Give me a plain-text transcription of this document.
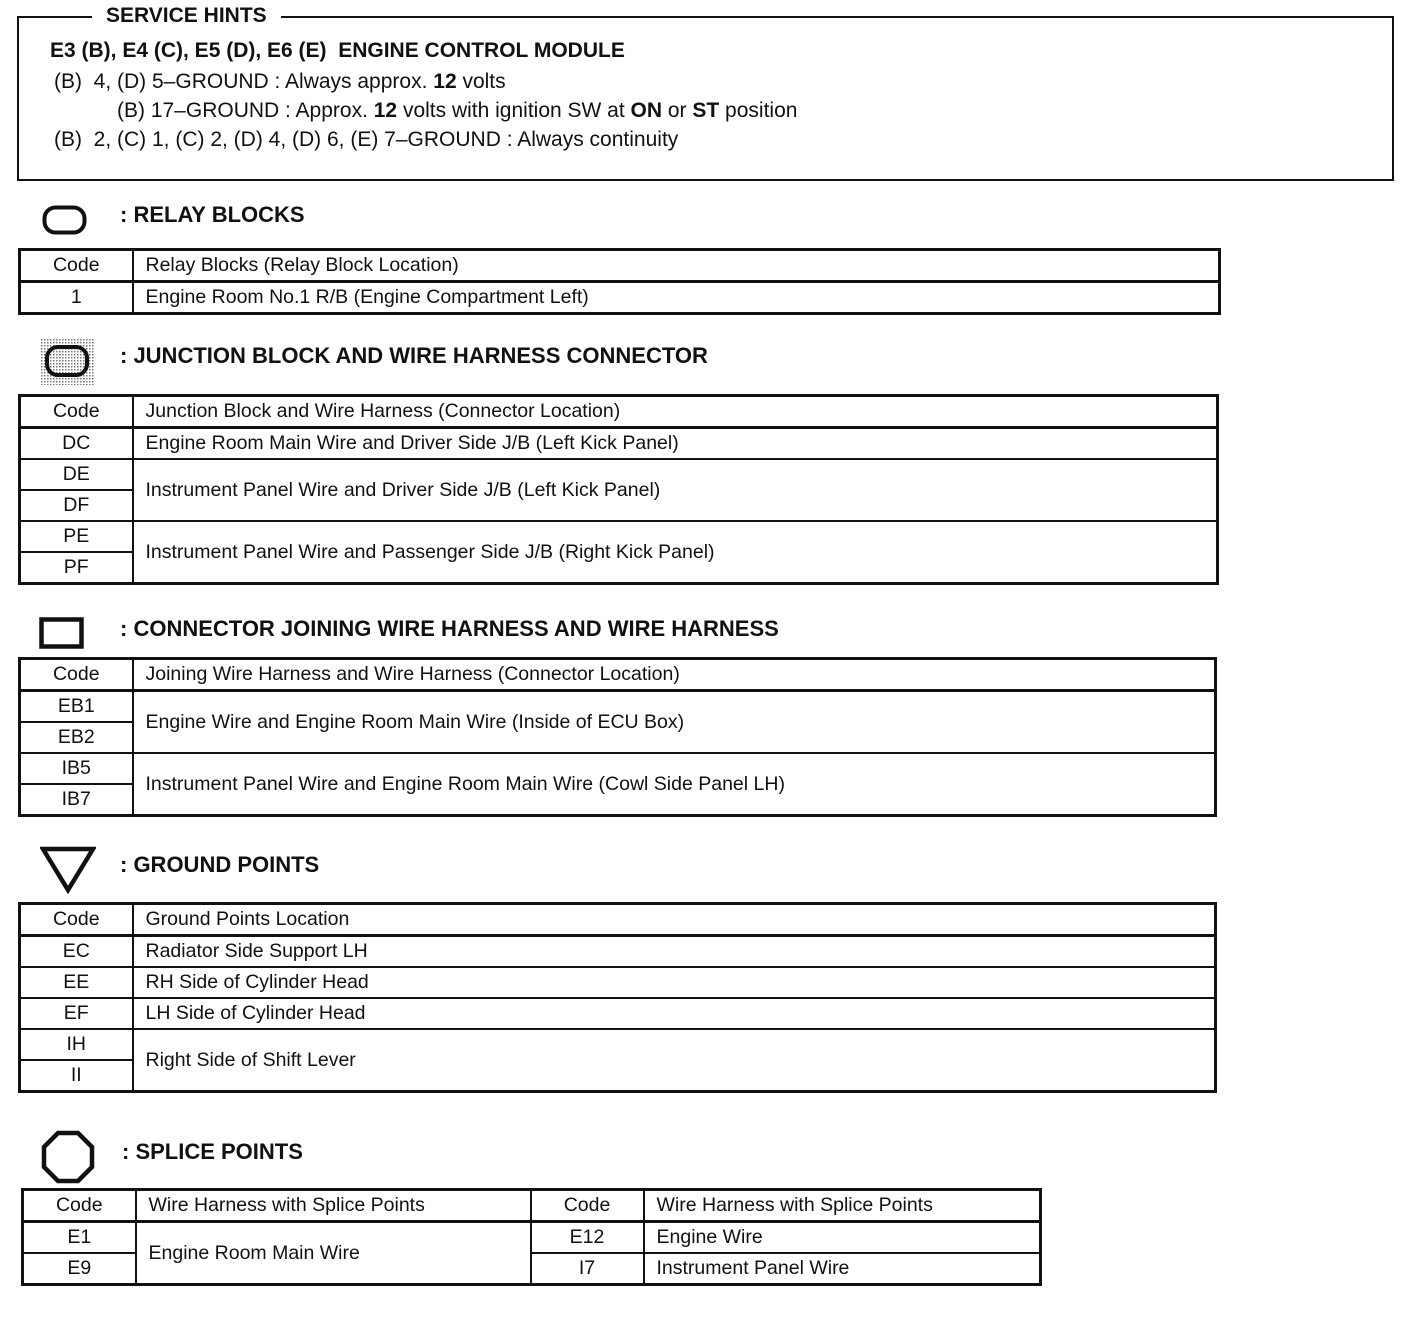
SERVICE HINTS
E3 (B), E4 (C), E5 (D), E6 (E)  ENGINE CONTROL MODULE
(B)  4, (D) 5–GROUND : Always approx. 12 volts
(B) 17–GROUND : Approx. 12 volts with ignition SW at ON or ST position
(B)  2, (C) 1, (C) 2, (D) 4, (D) 6, (E) 7–GROUND : Always continuity
: RELAY BLOCKS
Code	Relay Blocks (Relay Block Location)
1	Engine Room No.1 R/B (Engine Compartment Left)
: JUNCTION BLOCK AND WIRE HARNESS CONNECTOR
Code	Junction Block and Wire Harness (Connector Location)
DC	Engine Room Main Wire and Driver Side J/B (Left Kick Panel)
DE	Instrument Panel Wire and Driver Side J/B (Left Kick Panel)
DF	
PE	Instrument Panel Wire and Passenger Side J/B (Right Kick Panel)
PF	
: CONNECTOR JOINING WIRE HARNESS AND WIRE HARNESS
Code	Joining Wire Harness and Wire Harness (Connector Location)
EB1	Engine Wire and Engine Room Main Wire (Inside of ECU Box)
EB2	
IB5	Instrument Panel Wire and Engine Room Main Wire (Cowl Side Panel LH)
IB7	
: GROUND POINTS
Code	Ground Points Location
EC	Radiator Side Support LH
EE	RH Side of Cylinder Head
EF	LH Side of Cylinder Head
IH	Right Side of Shift Lever
II	
: SPLICE POINTS
Code	Wire Harness with Splice Points	Code	Wire Harness with Splice Points
E1	Engine Room Main Wire	E12	Engine Wire
E9		I7	Instrument Panel Wire
